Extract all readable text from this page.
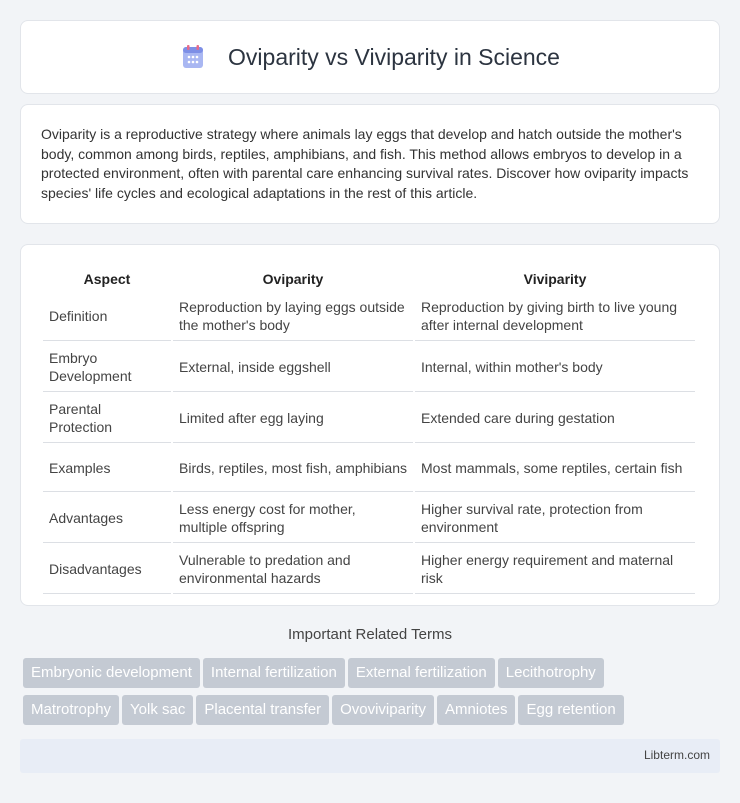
Oviparity vs Viviparity in Science

Oviparity is a reproductive strategy where animals lay eggs that develop and hatch outside the mother's body, common among birds, reptiles, amphibians, and fish. This method allows embryos to develop in a protected environment, often with parental care enhancing survival rates. Discover how oviparity impacts species' life cycles and ecological adaptations in the rest of this article.

Aspect	Oviparity	Viviparity
Definition	Reproduction by laying eggs outside the mother's body	Reproduction by giving birth to live young after internal development
Embryo Development	External, inside eggshell	Internal, within mother's body
Parental Protection	Limited after egg laying	Extended care during gestation
Examples	Birds, reptiles, most fish, amphibians	Most mammals, some reptiles, certain fish
Advantages	Less energy cost for mother, multiple offspring	Higher survival rate, protection from environment
Disadvantages	Vulnerable to predation and environmental hazards	Higher energy requirement and maternal risk
Important Related Terms
Embryonic development Internal fertilization External fertilization Lecithotrophy
Matrotrophy Yolk sac Placental transfer Ovoviviparity Amniotes Egg retention
Libterm.com
